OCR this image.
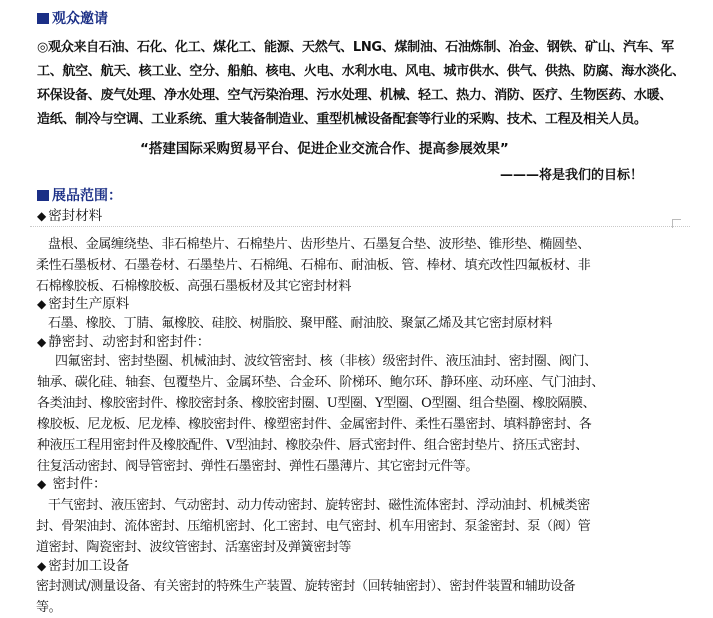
观众邀请
◎观众来自石油、石化、化工、煤化工、能源、天然气、LNG、煤制油、石油炼制、冶金、钢铁、矿山、汽车、军
工、航空、航天、核工业、空分、船舶、核电、火电、水利水电、风电、城市供水、供气、供热、防腐、海水淡化、
环保设备、废气处理、净水处理、空气污染治理、污水处理、机械、轻工、热力、消防、医疗、生物医药、水暖、
造纸、制冷与空调、工业系统、重大装备制造业、重型机械设备配套等行业的采购、技术、工程及相关人员。
“搭建国际采购贸易平台、促进企业交流合作、提高参展效果”
———将是我们的目标！
展品范围：
◆ 密封材料
盘根、金属缠绕垫、非石棉垫片、石棉垫片、齿形垫片、石墨复合垫、波形垫、锥形垫、椭圆垫、
柔性石墨板材、石墨卷材、石墨垫片、石棉绳、石棉布、耐油板、管、棒材、填充改性四氟板材、非
石棉橡胶板、石棉橡胶板、高强石墨板材及其它密封材料
◆ 密封生产原料
石墨、橡胶、丁腈、氟橡胶、硅胶、树脂胶、聚甲醛、耐油胶、聚氯乙烯及其它密封原材料
◆ 静密封、动密封和密封件：
四氟密封、密封垫圈、机械油封、波纹管密封、核（非核）级密封件、液压油封、密封圈、阀门、
轴承、碳化硅、轴套、包覆垫片、金属环垫、合金环、阶梯环、鲍尔环、静环座、动环座、气门油封、
各类油封、橡胶密封件、橡胶密封条、橡胶密封圈、U型圈、Y型圈、O型圈、组合垫圈、橡胶隔膜、
橡胶板、尼龙板、尼龙棒、橡胶密封件、橡塑密封件、金属密封件、柔性石墨密封、填料静密封、各
种液压工程用密封件及橡胶配件、V型油封、橡胶杂件、唇式密封件、组合密封垫片、挤压式密封、
往复活动密封、阀导管密封、弹性石墨密封、弹性石墨薄片、其它密封元件等。
◆ 密封件：
干气密封、液压密封、气动密封、动力传动密封、旋转密封、磁性流体密封、浮动油封、机械类密
封、骨架油封、流体密封、压缩机密封、化工密封、电气密封、机车用密封、泵釜密封、泵（阀）管
道密封、陶瓷密封、波纹管密封、活塞密封及弹簧密封等
◆ 密封加工设备
密封测试/测量设备、有关密封的特殊生产装置、旋转密封（回转轴密封）、密封件装置和辅助设备
等。
